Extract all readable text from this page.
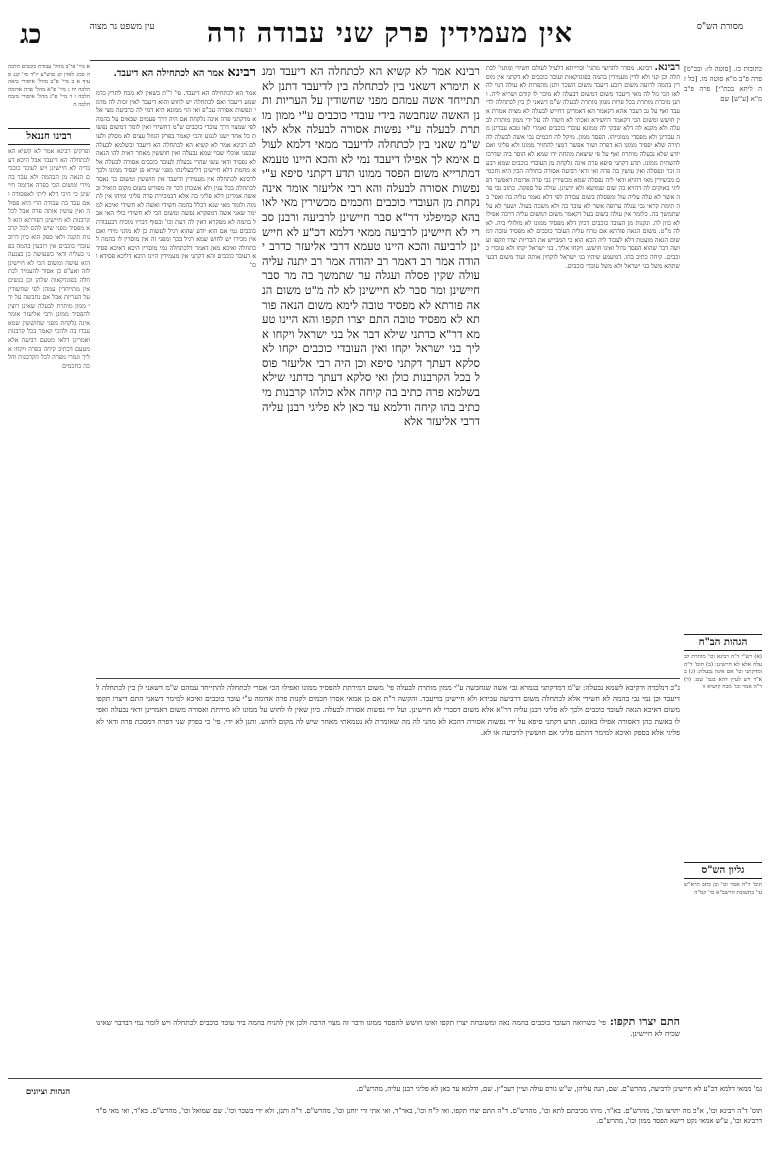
כג	עין משפט נר מצוה	אין מעמידין פרק שני עבודה זרה	מסורת הש"ס
א מיי' פי"ב מהל' עבודת כוכבים הלכה ה סמג לאוין קנ טוש"ע יו"ד סי' קנג סעיף א ב מיי' פ"ב מהל' איסורי ביאה הלכה יח ג מיי' פ"א מהל' פרה אדומה הלכה ז ד מיי' פ"ג מהל' איסורי מזבח הלכה ה
רבינו חננאל
ופרקינן רבינא אמר לא קשיא הא לכתחלה הא דיעבד אבל היכא דעבדיה לא חיישינן ויש לעובד כוכבים הנאה מן הבהמה ולא עבד בה מידי ומשום הכי בפרה אדומה חיישינן כי היכי דלא ליתי לאפסודה ואם עבד בה עבודה הרי היא פסולה ואין עושין אותה פרה אבל לכל קרבנות לא חיישינן דפורתא הוא לא מפסיד מפני שיש להם לכל קרבנות תקנה ולאו ספק הוא כיון דרוב עובדי כוכבים אין רובעין בהמה בפני בעליה ודאי כשעושה כן בצנעה הוא עושה ומשום הכי לא חיישינן לזה ואע"פ כן אסור להעמיד לכתחלה בפונדקאות שלהן וכן בנשים אין מתייחדין עמהן לפי שחשודין על העריות אבל אם נחבשה על ידי ממון מותרת לבעלה שאינן רוצין להפסיד ממונן ורבי אליעזר אומר אינה נלקחת מפני שחוששין שמא עבדו בה ולהכי קאמר בכל קרבנות ואמרינן דלאו מטעם רביעה אלא מטעם דכתיב קיחה בפרה ויקחו אליך וגמרי מפרה לכל הקרבנות והלכה כחכמים
כתובות כז. [סוטה לז: ובכ"מ] פרה פ"ב מ"א סוטה מו. [כל זה ליתא בכת"י] פרה פ"ב מ"א [ע"ש] שם
הגהות הב"ח
(א) רש"י ד"ה רבינא וכו' מותרת לבעלה אלא לא חיישינן: (ב) תוס' ד"ה ומדקתני וכו' אם אינה נבעלת: (ג) בא"ד ויש לעיין דהא בגמ' שם: (ד) ד"ה אמר וכו' מכח קושיא זו
גליון הש"ס
תוס' ד"ה אמר וכו' וכן כתב הרא"ש עי' בתשובת הרשב"א סי' קמ"ה
רבינא אמר הא לכתחילה הא דיעבד.
אמר הא לכתחילה הא דיעבד. פי' ר"ת בשאין לא מכח לתרץ כדמשמע דיעבד ואם לכתחלה יש לחוש והוא דיעבד לאין זכות לה מדמי ונפשות אסורה עכ"פ ואי הוי ממונא היא דמי לה כרביעה מצי אלא מדקתני פרה אינה נלקחת אם היה דרך פעמים שבאים על בהמה לפי שמצוי דרך עובדי כוכבים ש"מ דחשידי ואין לומר דמשום נפשות כל אחד ישנו לנגוע והכי קאמר בפרק הגוזל עצים לא מסלק ולעולם רבינא אמר לא קשיא הא לכתחלה הא דיעבד ובשלמא לבעלה שבפני אוכלי שבוי שמא נבעלה ואין חוששין מאחר דאית להו הנאה לא נפסיד ודאי עשו שהרי נבעלת לעובד כוכבים אסורה לבעלה אלא מחמת דלא חיישינן דליבעלינהו מפני שירא פן יפסיד ממונו ולכך לרבינא לכתחלה אין מעמידין ודיעבד אין חוששין ומשום כך נאסר לכתחלה בכל ענין ולא אשכחן דבר זה מפורש בשום מקום הואיל ובאשה אמרינן דלא פליגי בה אלא דבמכירת פרה פליגי ומיהו אין לתמוה ולומר מאי שנא דכלל בהמה חשידי ואשה לא חשידי ואיכא למימר שאני אשה דמפקרא נפשה ומשום הכי לא חשידי כולי האי אבל בהמה לא מפקרא דאין לה דעת וכו' ובסוף דבריו מוכיח דבעבודת כוכבים נמי אם הוא יודע שהוא רגיל לעשות כן לא מהני מידי ואם אין מכירו יש לחוש שמא רגיל בכך ומפני זה אין מוסרין לו בהמה לכתחלה ואיכא מאן דאמר דלכתחלה נמי מוסרין היכא דאיכא פסידא דעובד כוכבים והא דקתני אין מעמידין היינו היכא דליכא פסידא וכו'
רבינא. רבינא. מסדר לתרוצי מתני' וברייתא דלעיל לעולם חשידי ומתני' לכתחלה וכן קני ולא לדין מעמידין בהמה בפונדקאות ועובד כוכבים לא דקתני אין מוסרין בהמה לרועה משום רובע דיעבד משום השכר ותנן מהפרות לא עולה דנוי לה לאו הכי גזל לה מאי דיעבד משום דמשום דבעלה לא מוכר לו קודם ושריא ליה. ותנן מוכרת מותרת בכל פרות ממון מותרת לבעלה ש"מ דשאני לן בין לכתחלה לדיעבד ואף על גב דעבר אהא דקאמר הא דאמרינן דחייש לבעלה לא מצית אמרת אין חושש ומשום הכי דקאמר דחשידא ואכתי לא חשדו לה על ידי ממון מותרת לבעלה ולא מקנא לה דלא שבקי לה ממונא עובדי כוכבים ואמרי לאו טבא עבדינן מה עבדינן ולא מפסדי ממונייהו. הפסד ממון. מיקל לה חכמים גבי אשה לבעלה להתירה שלא יפסיד ממונו הא דפרה ושור אפשר דמצי להחזיר ממונו ולא פליגי ואם יודע שלא נבעלה מותרת ואף על פי שיצאת מתחת ידו שמא לא הוסר ביה שדרכו להשחית ממונו. תדע דקתני סיפא פרה אינה נלקחת מן העובדי כוכבים שמא רבעה זכר ונפסלה ואין עושין בה פרה ואי ודאי רביעה אסורה בחוליה הבין היא וחכמים מכשירין מאי דהויא ודאי ליה נפסלה שמא מכשירין גבי פרה אדומה דאפשר דפליגי באוקים לה דהויא בה שום שמושא ולא ידעינן. עולה על ספקה. כתוב גבי פרה אשר לא עלה עליה עול ומפסלה בשום עבודה לפי דלא נאמר עליה בה ואפי' בה תימת קראי גבי עגלה ערופה אשר לא עובד בה ולא משכה בעול. ושער לא על שתמשך בה. כלומר אין עולה בשום בעל דקאמר משום דמשום עליה דרכה אפילו לא כוון לה. ונקנות מן העובד כוכבים דכיון דלא מפסיד ממונו לא מזלזלי ביה. לא לה מ"ט. משום הנאה פורתא אם טרח עליה העובד כוכבים לא מפסיד טובה דמשום הנאה מועטת דלא לעבוד ליה הכא הוא כי המבייש את הבריות יצרו תקפו ועושה דבר שהוא הפסד גדול ואינו חושש. ויקחו אליך. בני ישראל יקחו ולא עובדי כוכבים. קיחה כתיב בהו. דמשמע שיהיו בני ישראל לוקחין אותה ועוד משום דבעי שתהא משל בני ישראל ולא משל עובדי כוכבים.
רבינא אמר לא קשיא הא לכתחלה הא דיעבד ומנא תימרא דשאני בין לכתחלה בין לדיעבד דתנן לא תתייחד אשה עמהם מפני שחשודין על העריות ותנן האשה שנחבשה בידי עובדי כוכבים ע"י ממון מותרת לבעלה ע"י נפשות אסורה לבעלה אלא לאו ש"מ שאני בין לכתחלה לדיעבד ממאי דלמא לעולם אימא לך אפילו דיעבד נמי לא והכא היינו טעמא דמתרייא משום הפסד ממונו תדע דקתני סיפא ע"י נפשות אסורה לבעלה והא רבי אליעזר אומר אינה נקחת מן העובדי כוכבים וחכמים מכשירין מאי לאו בהא קמיפלגי דר"א סבר חיישינן לרביעה ורבנן סברי לא חיישינן לרביעה ממאי דלמא דכ"ע לא חיישינן לרביעה והכא היינו טעמא דרבי אליעזר כדרב יהודה אמר רב דאמר רב יהודה אמר רב יתנה עליה עולה שקין פסלה ועגלה ער שתמשך בה מר סבר חיישינן ומר סבר לא חיישינן לא לה מ"ט משום הנאה פורתא לא מפסיד טובה לימא משום הנאה פורתא לא מפסיד טובה התם יצרו תקפו והא היינו טעמא דר"א כדתני שילא דבר אל בני ישראל ויקחו אליך בני ישראל יקחו ואין העובדי כוכבים יקחו לא סלקא דעתך דקתני סיפא וכן היה רבי אליעזר פוסל בכל הקרבנות כולן ואי סלקא דעתך כדתני שילא בשלמא פרה כתיב בה קיחה אלא כולהו קרבנות מי כתיב בהו קיחה ודלמא עד כאן לא פליגי רבנן עליה דרבי אליעזר אלא
ג"כ דנלכדה ודקיבא לשמא נבעלה: ש"מ דמדקתני בגמרא גבי אשה שנחבשה ע"י ממון מותרת לבעלה פי' משום דמירתת להפסיד ממונו ואפילו הכי אסרי לכתחלה להתייחד עמהם ש"מ דשאני לן בין לכתחלה לדיעבד וכן נמי גבי בהמה לא חשידי אלא לכתחלה משום דרביעה עבידא ולא חיישינן בדיעבד. והקשה ר"ת אם כן אמאי אסרו חכמים לקנות פרה אדומה ע"י עובד כוכבים ואיכא למימר דשאני התם דיצרו תקפו משום דאיכא הנאה לעובד כוכבים ולכך לא פליגי רבנן עליה דר"א אלא משום דסברי לא חיישינן. ועל ידי נפשות אסורה לבעלה. כיון שאין לו לחוש על ממונו לא מירתת ואסורה משום דאמרינן ודאי נבעלה ואפילו באשת כהן דאסורה אפילו באונס. תדע דקתני סיפא על ידי נפשות אסורה דהכא לא מהני לה מה שאומרת לא נטמאתי מאחר שיש לה מקום לחוש. ותנן לא ידי. פי' כי בפרק שני דפרה דמסכת פרה ודאי לא פליגי אלא בספק ואיכא למימר דהתם פליגי אם חוששין לרביעה או לא.
התם יצרו תקפו: פי' כשרואה העובד כוכבים בהמה נאה ומשובחת יצרו תקפו ואינו חושש להפסד ממונו ודבר זה מצוי הרבה ולכן אין להניח בהמה ביד עובד כוכבים לכתחלה ויש לומר נמי דבדבר שאינו שכיח לא חיישינן.
הגהות וציונים	גמ' ממאי דלמא דכ"ע לא חיישינן לרביעה, מהרש"ם. שם, הנה עליהן, ש"ש גורס עולה ועיין רעב"ץ. שם, ודלמא עד כאן לא פליגי רבנן עליה, מהרש"ם.
תוס' ד"ה רבינא וכו', א"כ מה יתרצו וכו', מהרש"ם. בא"ד, מיהו מכיבתם לתא וכו', מהרש"ם. ד"ה התם יצרו תקפו, ואי ל"ח וכו', באר"ד, ואי אתי ורי יוחנן וכו', מהרש"ם. ד"ה ותנן, ולא ידי בשכר וכו'. שם שמואל וכו', מהרש"ם. בא"ד, ואי מאי ס"ד דרבינא וכו', ע"ש אמאי נקט רישא הפסד ממון וכו', מהרש"ם.
